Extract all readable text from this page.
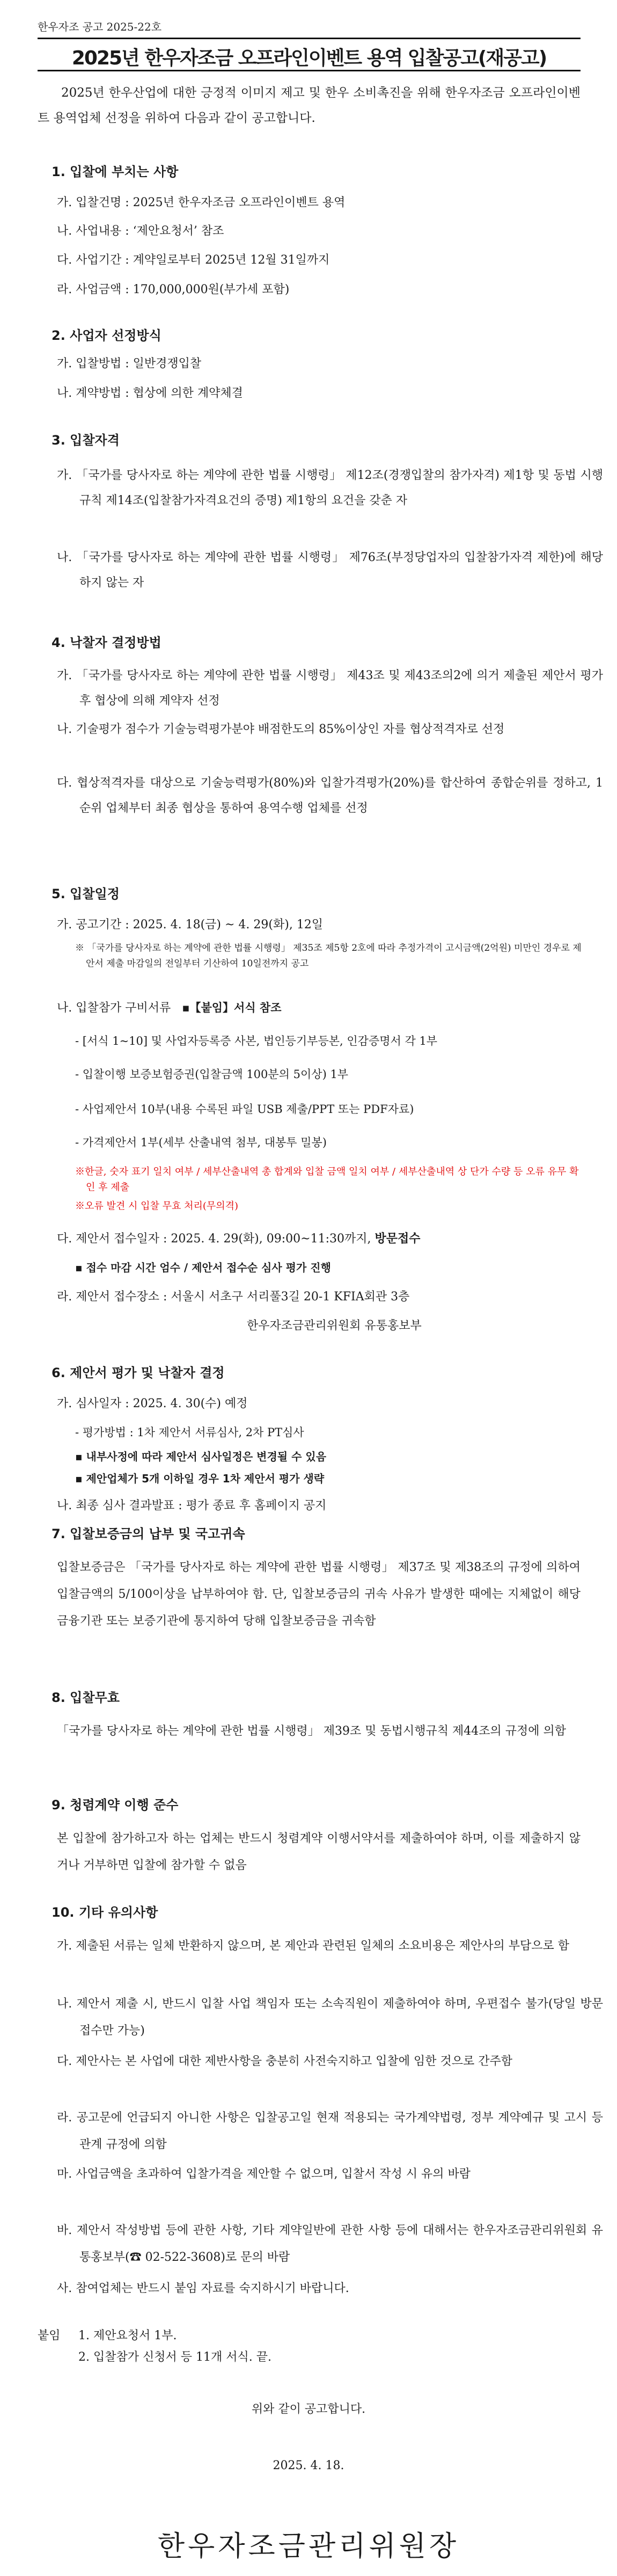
한우자조 공고 2025-22호
2025년 한우자조금 오프라인이벤트 용역 입찰공고(재공고)
2025년 한우산업에 대한 긍정적 이미지 제고 및 한우 소비촉진을 위해 한우자조금 오프라인이벤트 용역업체 선정을 위하여 다음과 같이 공고합니다.
1. 입찰에 부치는 사항
가. 입찰건명 : 2025년 한우자조금 오프라인이벤트 용역
나. 사업내용 : ‘제안요청서’ 참조
다. 사업기간 : 계약일로부터 2025년 12월 31일까지
라. 사업금액 : 170,000,000원(부가세 포함)
2. 사업자 선정방식
가. 입찰방법 : 일반경쟁입찰
나. 계약방법 : 협상에 의한 계약체결
3. 입찰자격
가. 「국가를 당사자로 하는 계약에 관한 법률 시행령」 제12조(경쟁입찰의 참가자격) 제1항 및 동법 시행규칙 제14조(입찰참가자격요건의 증명) 제1항의 요건을 갖춘 자
나. 「국가를 당사자로 하는 계약에 관한 법률 시행령」 제76조(부정당업자의 입찰참가자격 제한)에 해당하지 않는 자
4. 낙찰자 결정방법
가. 「국가를 당사자로 하는 계약에 관한 법률 시행령」 제43조 및 제43조의2에 의거 제출된 제안서 평가 후 협상에 의해 계약자 선정
나. 기술평가 점수가 기술능력평가분야 배점한도의 85%이상인 자를 협상적격자로 선정
다. 협상적격자를 대상으로 기술능력평가(80%)와 입찰가격평가(20%)를 합산하여 종합순위를 정하고, 1순위 업체부터 최종 협상을 통하여 용역수행 업체를 선정
5. 입찰일정
가. 공고기간 : 2025. 4. 18(금) ~ 4. 29(화), 12일
※ 「국가를 당사자로 하는 계약에 관한 법률 시행령」 제35조 제5항 2호에 따라 추정가격이 고시금액(2억원) 미만인 경우로 제안서 제출 마감일의 전일부터 기산하여 10일전까지 공고
나. 입찰참가 구비서류 ▪【붙임】서식 참조
- [서식 1~10] 및 사업자등록증 사본, 법인등기부등본, 인감증명서 각 1부
- 입찰이행 보증보험증권(입찰금액 100분의 5이상) 1부
- 사업제안서 10부(내용 수록된 파일 USB 제출/PPT 또는 PDF자료)
- 가격제안서 1부(세부 산출내역 첨부, 대봉투 밀봉)
※한글, 숫자 표기 일치 여부 / 세부산출내역 총 합계와 입찰 금액 일치 여부 / 세부산출내역 상 단가 수량 등 오류 유무 확인 후 제출
※오류 발견 시 입찰 무효 처리(무의격)
다. 제안서 접수일자 : 2025. 4. 29(화), 09:00~11:30까지, 방문접수
▪ 접수 마감 시간 엄수 / 제안서 접수순 심사 평가 진행
라. 제안서 접수장소 : 서울시 서초구 서리풀3길 20-1 KFIA회관 3층
한우자조금관리위원회 유통홍보부
6. 제안서 평가 및 낙찰자 결정
가. 심사일자 : 2025. 4. 30(수) 예정
- 평가방법 : 1차 제안서 서류심사, 2차 PT심사
▪ 내부사정에 따라 제안서 심사일정은 변경될 수 있음
▪ 제안업체가 5개 이하일 경우 1차 제안서 평가 생략
나. 최종 심사 결과발표 : 평가 종료 후 홈페이지 공지
7. 입찰보증금의 납부 및 국고귀속
입찰보증금은 「국가를 당사자로 하는 계약에 관한 법률 시행령」 제37조 및 제38조의 규정에 의하여 입찰금액의 5/100이상을 납부하여야 함. 단, 입찰보증금의 귀속 사유가 발생한 때에는 지체없이 해당 금융기관 또는 보증기관에 통지하여 당해 입찰보증금을 귀속함
8. 입찰무효
「국가를 당사자로 하는 계약에 관한 법률 시행령」 제39조 및 동법시행규칙 제44조의 규정에 의함
9. 청렴계약 이행 준수
본 입찰에 참가하고자 하는 업체는 반드시 청렴계약 이행서약서를 제출하여야 하며, 이를 제출하지 않거나 거부하면 입찰에 참가할 수 없음
10. 기타 유의사항
가. 제출된 서류는 일체 반환하지 않으며, 본 제안과 관련된 일체의 소요비용은 제안사의 부담으로 함
나. 제안서 제출 시, 반드시 입찰 사업 책임자 또는 소속직원이 제출하여야 하며, 우편접수 불가(당일 방문접수만 가능)
다. 제안사는 본 사업에 대한 제반사항을 충분히 사전숙지하고 입찰에 임한 것으로 간주함
라. 공고문에 언급되지 아니한 사항은 입찰공고일 현재 적용되는 국가계약법령, 정부 계약예규 및 고시 등 관계 규정에 의함
마. 사업금액을 초과하여 입찰가격을 제안할 수 없으며, 입찰서 작성 시 유의 바람
바. 제안서 작성방법 등에 관한 사항, 기타 계약일반에 관한 사항 등에 대해서는 한우자조금관리위원회 유통홍보부(☎ 02-522-3608)로 문의 바람
사. 참여업체는 반드시 붙임 자료를 숙지하시기 바랍니다.
붙임 1. 제안요청서 1부.
2. 입찰참가 신청서 등 11개 서식. 끝.
위와 같이 공고합니다.
2025. 4. 18.
한우자조금관리위원장
